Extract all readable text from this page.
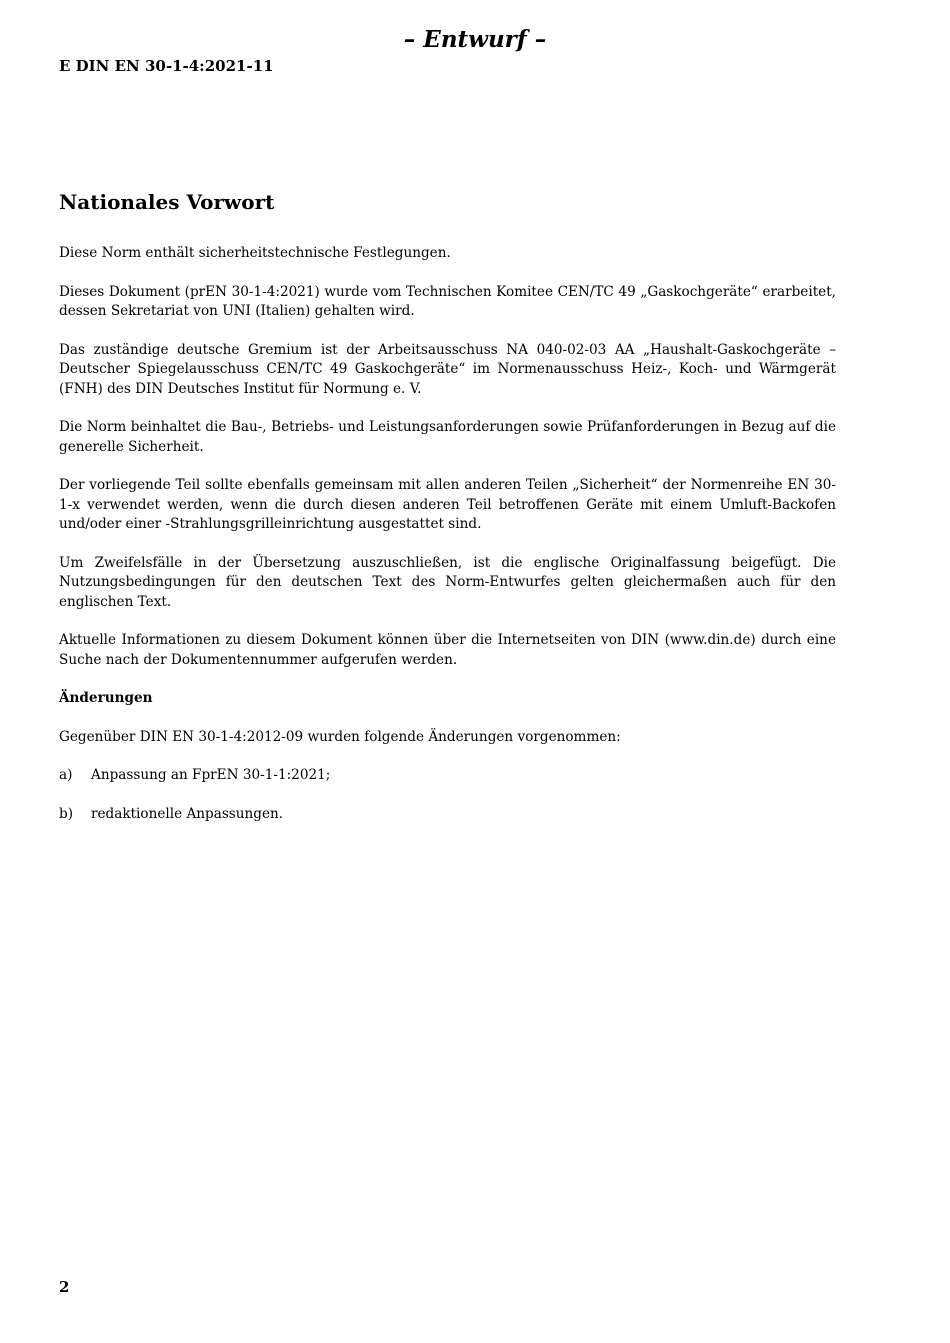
– Entwurf –
E DIN EN 30-1-4:2021-11
Nationales Vorwort

Diese Norm enthält sicherheitstechnische Festlegungen.

Dieses Dokument (prEN 30-1-4:2021) wurde vom Technischen Komitee CEN/TC 49 „Gaskochgeräte“ erarbeitet, dessen Sekretariat von UNI (Italien) gehalten wird.

Das zuständige deutsche Gremium ist der Arbeitsausschuss NA 040-02-03 AA „Haushalt-Gaskochgeräte – Deutscher Spiegelausschuss CEN/TC 49 Gaskochgeräte“ im Normenausschuss Heiz-, Koch- und Wärmgerät (FNH) des DIN Deutsches Institut für Normung e. V.

Die Norm beinhaltet die Bau-, Betriebs- und Leistungsanforderungen sowie Prüfanforderungen in Bezug auf die generelle Sicherheit.

Der vorliegende Teil sollte ebenfalls gemeinsam mit allen anderen Teilen „Sicherheit“ der Normenreihe EN 30-1-x verwendet werden, wenn die durch diesen anderen Teil betroffenen Geräte mit einem Umluft-Backofen und/oder einer -Strahlungsgrilleinrichtung ausgestattet sind.

Um Zweifelsfälle in der Übersetzung auszuschließen, ist die englische Originalfassung beigefügt. Die Nutzungsbedingungen für den deutschen Text des Norm-Entwurfes gelten gleichermaßen auch für den englischen Text.

Aktuelle Informationen zu diesem Dokument können über die Internetseiten von DIN (www.din.de) durch eine Suche nach der Dokumentennummer aufgerufen werden.

Änderungen

Gegenüber DIN EN 30-1-4:2012-09 wurden folgende Änderungen vorgenommen:

a)	Anpassung an FprEN 30-1-1:2021;
b)	redaktionelle Anpassungen.
2
